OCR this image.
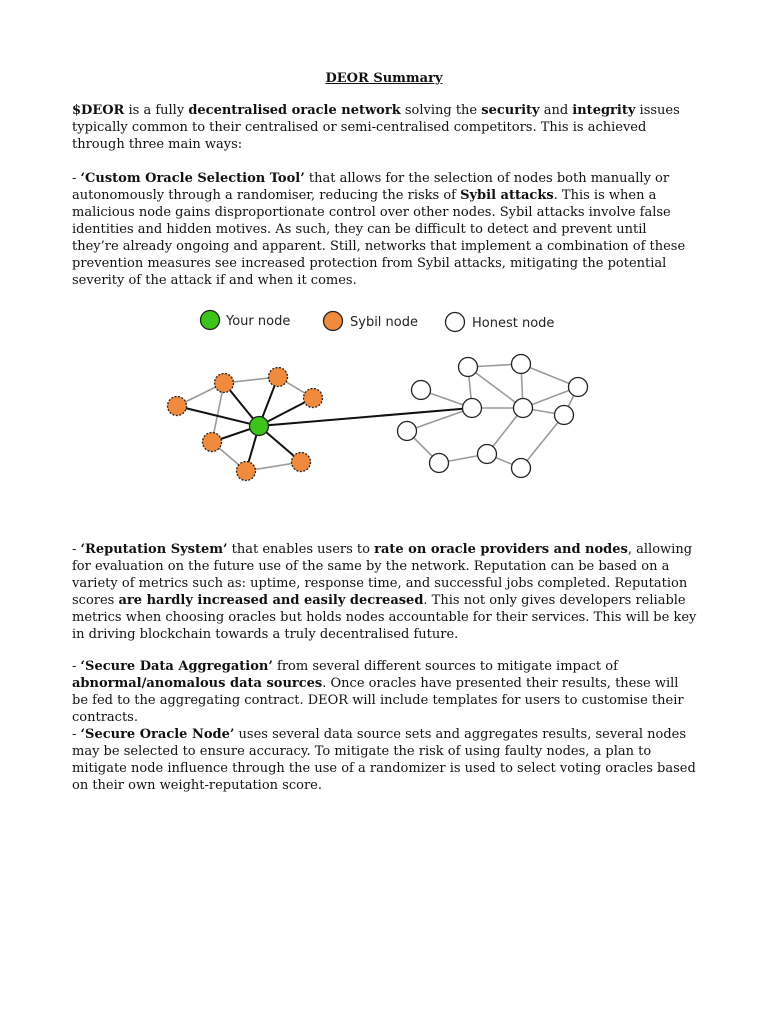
DEOR Summary

$DEOR is a fully decentralised oracle network solving the security and integrity issues typically common to their centralised or semi-centralised competitors. This is achieved through three main ways:

- ‘Custom Oracle Selection Tool’ that allows for the selection of nodes both manually or autonomously through a randomiser, reducing the risks of Sybil attacks. This is when a malicious node gains disproportionate control over other nodes. Sybil attacks involve false identities and hidden motives. As such, they can be difficult to detect and prevent until they’re already ongoing and apparent. Still, networks that implement a combination of these prevention measures see increased protection from Sybil attacks, mitigating the potential severity of the attack if and when it comes.

Your node	Sybil node	Honest node

- ‘Reputation System’ that enables users to rate on oracle providers and nodes, allowing for evaluation on the future use of the same by the network. Reputation can be based on a variety of metrics such as: uptime, response time, and successful jobs completed. Reputation scores are hardly increased and easily decreased. This not only gives developers reliable metrics when choosing oracles but holds nodes accountable for their services. This will be key in driving blockchain towards a truly decentralised future.

- ‘Secure Data Aggregation’ from several different sources to mitigate impact of abnormal/anomalous data sources. Once oracles have presented their results, these will be fed to the aggregating contract. DEOR will include templates for users to customise their contracts.

- ‘Secure Oracle Node’ uses several data source sets and aggregates results, several nodes may be selected to ensure accuracy. To mitigate the risk of using faulty nodes, a plan to mitigate node influence through the use of a randomizer is used to select voting oracles based on their own weight-reputation score.
